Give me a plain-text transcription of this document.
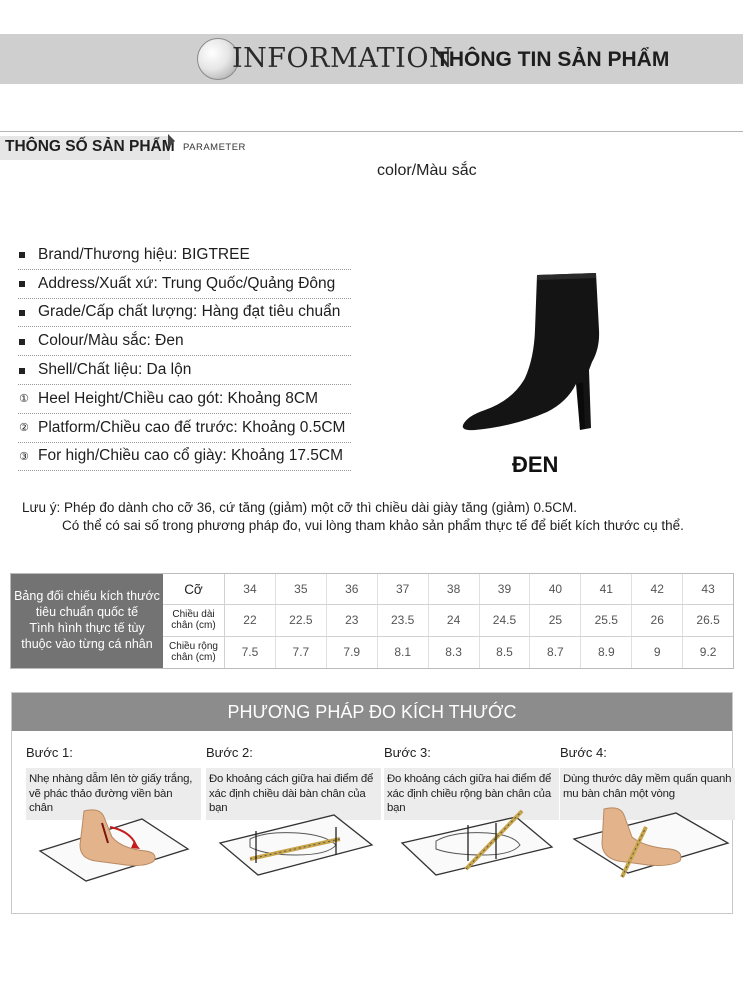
INFORMATION
THÔNG TIN SẢN PHẨM
THÔNG SỐ SẢN PHẨM PARAMETER
color/Màu sắc
Brand/Thương hiệu: BIGTREE
Address/Xuất xứ: Trung Quốc/Quảng Đông
Grade/Cấp chất lượng: Hàng đạt tiêu chuẩn
Colour/Màu sắc: Đen
Shell/Chất liệu: Da lộn
① Heel Height/Chiều cao gót: Khoảng 8CM
② Platform/Chiều cao đế trước: Khoảng 0.5CM
③ For high/Chiều cao cổ giày: Khoảng 17.5CM	ĐEN
Lưu ý: Phép đo dành cho cỡ 36, cứ tăng (giảm) một cỡ thì chiều dài giày tăng (giảm) 0.5CM.
Có thể có sai số trong phương pháp đo, vui lòng tham khảo sản phẩm thực tế để biết kích thước cụ thể.
Bảng đối chiếu kích thước
tiêu chuẩn quốc tế
Tình hình thực tế tùy
thuộc vào từng cá nhân
Cỡ	34	35	36	37	38	39	40	41	42	43
Chiều dài
chân (cm)	22	22.5	23	23.5	24	24.5	25	25.5	26	26.5
Chiều rộng
chân (cm)	7.5	7.7	7.9	8.1	8.3	8.5	8.7	8.9	9	9.2
PHƯƠNG PHÁP ĐO KÍCH THƯỚC
Bước 1:
Nhẹ nhàng dẫm lên tờ giấy trắng, vẽ phác thảo đường viền bàn chân
Bước 2:
Đo khoảng cách giữa hai điểm để xác định chiều dài bàn chân của bạn
Bước 3:
Đo khoảng cách giữa hai điểm để xác định chiều rộng bàn chân của bạn
Bước 4:
Dùng thước dây mềm quấn quanh mu bàn chân một vòng
